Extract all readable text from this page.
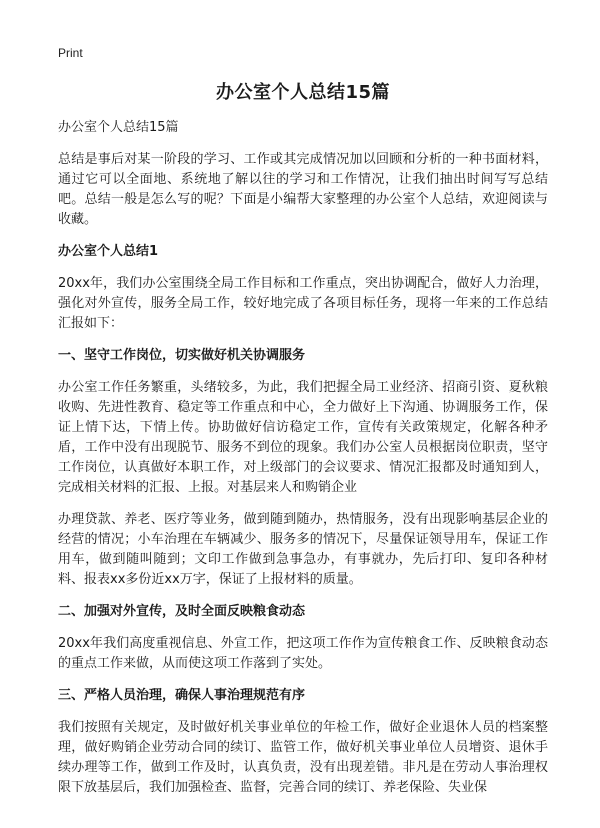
Print
办公室个人总结15篇
办公室个人总结15篇

总结是事后对某一阶段的学习、工作或其完成情况加以回顾和分析的一种书面材料，通过它可以全面地、系统地了解以往的学习和工作情况，让我们抽出时间写写总结吧。总结一般是怎么写的呢？下面是小编帮大家整理的办公室个人总结，欢迎阅读与收藏。

办公室个人总结1

20xx年，我们办公室围绕全局工作目标和工作重点，突出协调配合，做好人力治理，强化对外宣传，服务全局工作，较好地完成了各项目标任务，现将一年来的工作总结汇报如下：

一、坚守工作岗位，切实做好机关协调服务

办公室工作任务繁重，头绪较多，为此，我们把握全局工业经济、招商引资、夏秋粮收购、先进性教育、稳定等工作重点和中心，全力做好上下沟通、协调服务工作，保证上情下达，下情上传。协助做好信访稳定工作，宣传有关政策规定，化解各种矛盾，工作中没有出现脱节、服务不到位的现象。我们办公室人员根据岗位职责，坚守工作岗位，认真做好本职工作，对上级部门的会议要求、情况汇报都及时通知到人，完成相关材料的汇报、上报。对基层来人和购销企业

办理贷款、养老、医疗等业务，做到随到随办，热情服务，没有出现影响基层企业的经营的情况；小车治理在车辆减少、服务多的情况下，尽量保证领导用车，保证工作用车，做到随叫随到；文印工作做到急事急办，有事就办，先后打印、复印各种材料、报表xx多份近xx万字，保证了上报材料的质量。

二、加强对外宣传，及时全面反映粮食动态

20xx年我们高度重视信息、外宣工作，把这项工作作为宣传粮食工作、反映粮食动态的重点工作来做，从而使这项工作落到了实处。

三、严格人员治理，确保人事治理规范有序

我们按照有关规定，及时做好机关事业单位的年检工作，做好企业退休人员的档案整理，做好购销企业劳动合同的续订、监管工作，做好机关事业单位人员增资、退休手续办理等工作，做到工作及时，认真负责，没有出现差错。非凡是在劳动人事治理权限下放基层后，我们加强检查、监督，完善合同的续订、养老保险、失业保
